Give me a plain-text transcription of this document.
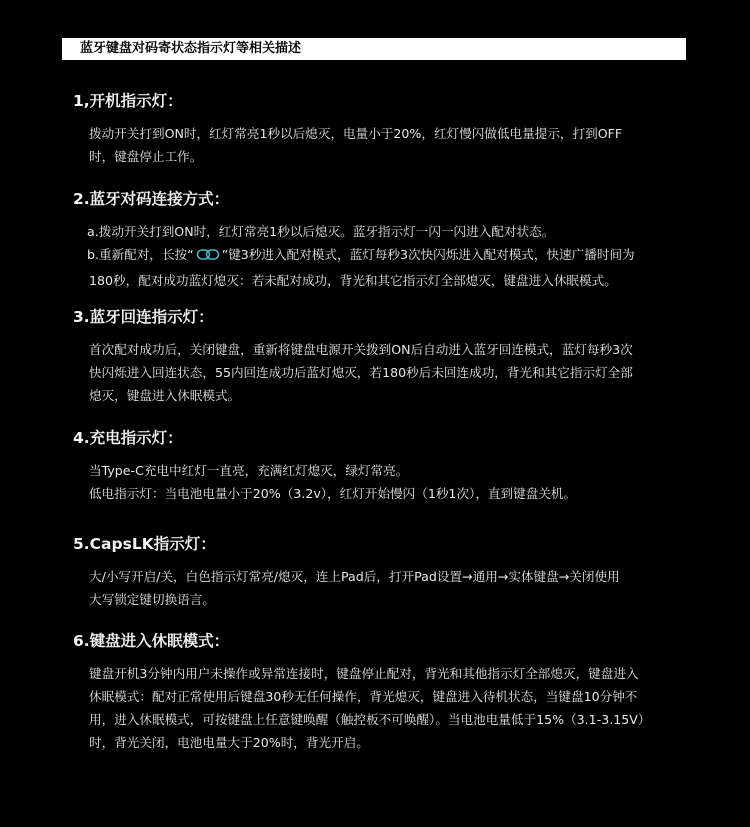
蓝牙键盘对码寄状态指示灯等相关描述
1,开机指示灯：
拨动开关打到ON时，红灯常亮1秒以后熄灭，电量小于20%，红灯慢闪做低电量提示，打到OFF
时，键盘停止工作。
2.蓝牙对码连接方式：
a.拨动开关打到ON时，红灯常亮1秒以后熄灭。蓝牙指示灯一闪一闪进入配对状态。
b.重新配对，长按“ ”键3秒进入配对模式，蓝灯每秒3次快闪烁进入配对模式，快速广播时间为
180秒，配对成功蓝灯熄灭：若未配对成功，背光和其它指示灯全部熄灭，键盘进入休眠模式。
3.蓝牙回连指示灯：
首次配对成功后，关闭键盘，重新将键盘电源开关拨到ON后自动进入蓝牙回连模式，蓝灯每秒3次
快闪烁进入回连状态，55内回连成功后蓝灯熄灭，若180秒后未回连成功，背光和其它指示灯全部
熄灭，键盘进入休眠模式。
4.充电指示灯：
当Type-C充电中红灯一直亮，充满红灯熄灭，绿灯常亮。
低电指示灯：当电池电量小于20%（3.2v），红灯开始慢闪（1秒1次），直到键盘关机。
5.CapsLK指示灯：
大/小写开启/关，白色指示灯常亮/熄灭，连上Pad后，打开Pad设置→通用→实体键盘→关闭使用
大写锁定键切换语言。
6.键盘进入休眠模式：
键盘开机3分钟内用户未操作或异常连接时，键盘停止配对，背光和其他指示灯全部熄灭，键盘进入
休眠模式：配对正常使用后键盘30秒无任何操作，背光熄灭，键盘进入待机状态，当键盘10分钟不
用，进入休眠模式，可按键盘上任意键唤醒（触控板不可唤醒）。当电池电量低于15%（3.1-3.15V）
时，背光关闭，电池电量大于20%时，背光开启。
